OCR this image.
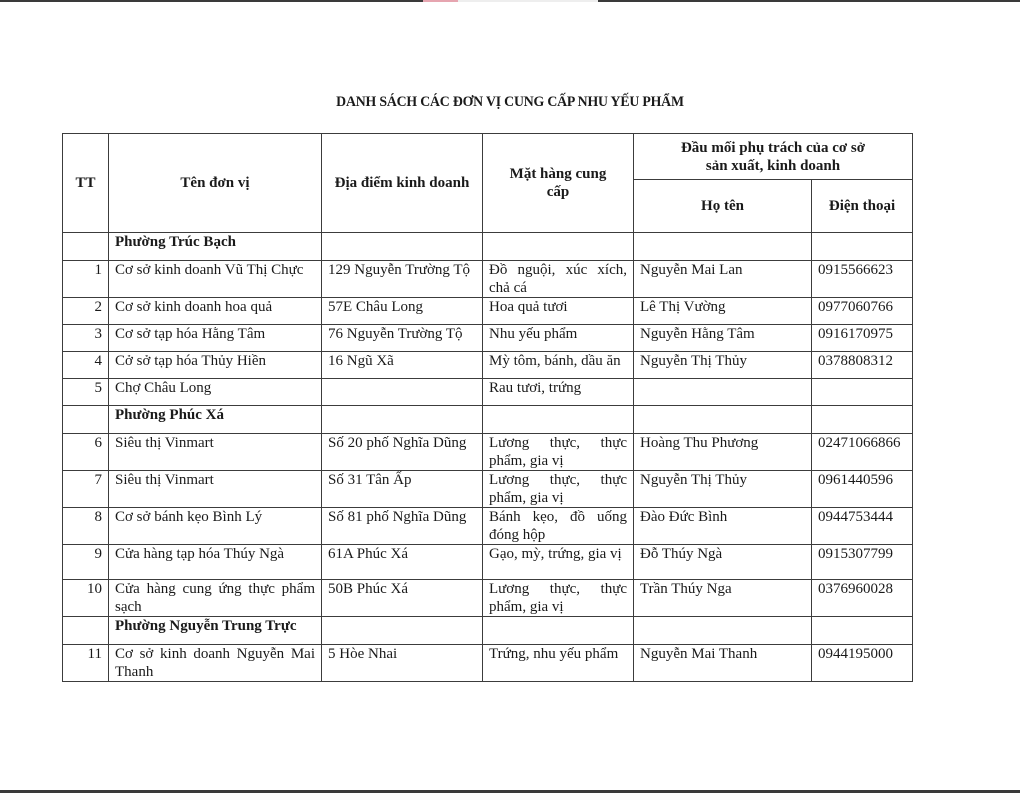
DANH SÁCH CÁC ĐƠN VỊ CUNG CẤP NHU YẾU PHẨM
TT	Tên đơn vị	Địa điểm kinh doanh	Mặt hàng cung cấp	Đầu mối phụ trách của cơ sở sản xuất, kinh doanh	
				Họ tên	Điện thoại
	Phường Trúc Bạch				
1	Cơ sở kinh doanh Vũ Thị Chực	129 Nguyễn Trường Tộ	Đồ nguội, xúc xích, chả cá	Nguyễn Mai Lan	0915566623
2	Cơ sở kinh doanh hoa quả	57E Châu Long	Hoa quả tươi	Lê Thị Vường	0977060766
3	Cơ sở tạp hóa Hằng Tâm	76 Nguyễn Trường Tộ	Nhu yếu phẩm	Nguyễn Hằng Tâm	0916170975
4	Cở sở tạp hóa Thủy Hiền	16 Ngũ Xã	Mỳ tôm, bánh, dầu ăn	Nguyễn Thị Thủy	0378808312
5	Chợ Châu Long		Rau tươi, trứng		
	Phường Phúc Xá				
6	Siêu thị Vinmart	Số 20 phố Nghĩa Dũng	Lương thực, thực phẩm, gia vị	Hoàng Thu Phương	02471066866
7	Siêu thị Vinmart	Số 31 Tân Ấp	Lương thực, thực phẩm, gia vị	Nguyễn Thị Thủy	0961440596
8	Cơ sở bánh kẹo Bình Lý	Số 81 phố Nghĩa Dũng	Bánh kẹo, đồ uống đóng hộp	Đào Đức Bình	0944753444
9	Cửa hàng tạp hóa Thúy Ngà	61A Phúc Xá	Gạo, mỳ, trứng, gia vị	Đỗ Thúy Ngà	0915307799
10	Cửa hàng cung ứng thực phẩm sạch	50B Phúc Xá	Lương thực, thực phẩm, gia vị	Trần Thúy Nga	0376960028
	Phường Nguyễn Trung Trực				
11	Cơ sở kinh doanh Nguyễn Mai Thanh	5 Hòe Nhai	Trứng, nhu yếu phẩm	Nguyễn Mai Thanh	0944195000
